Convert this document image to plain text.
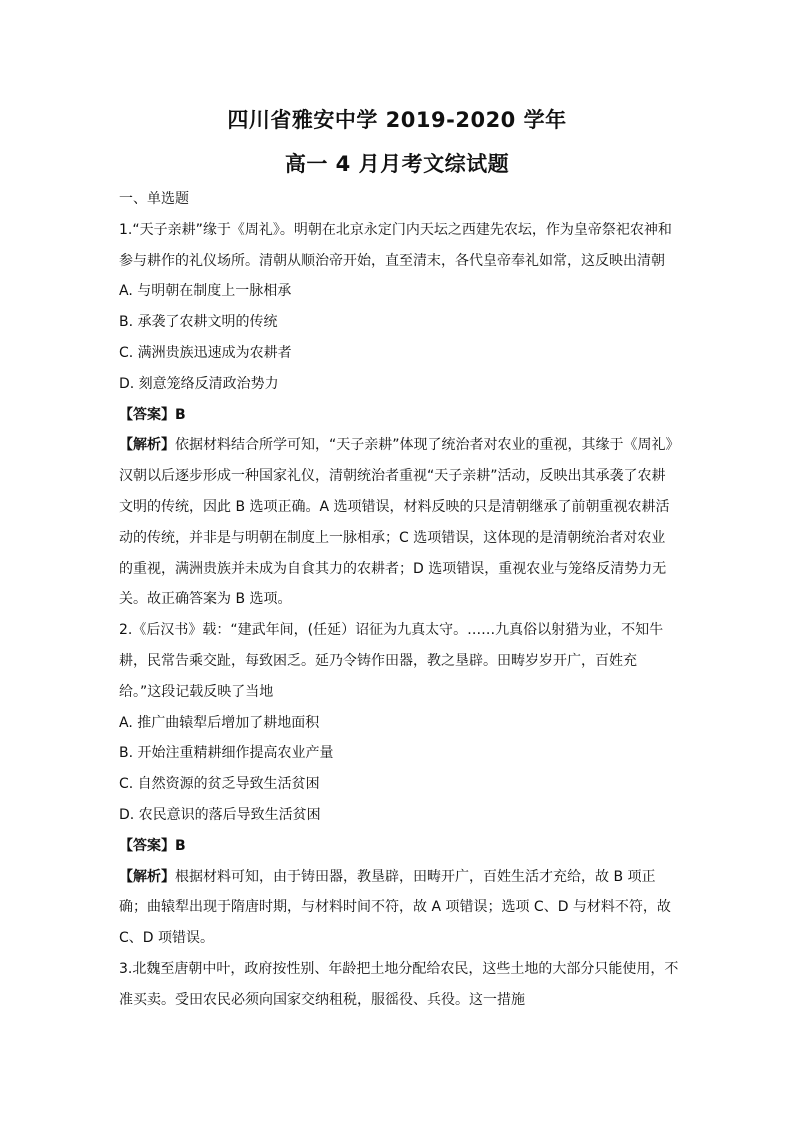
四川省雅安中学 2019-2020 学年
高一 4 月月考文综试题

一、单选题

1.“天子亲耕”缘于《周礼》。明朝在北京永定门内天坛之西建先农坛，作为皇帝祭祀农神和参与耕作的礼仪场所。清朝从顺治帝开始，直至清末，各代皇帝奉礼如常，这反映出清朝

A. 与明朝在制度上一脉相承

B. 承袭了农耕文明的传统

C. 满洲贵族迅速成为农耕者

D. 刻意笼络反清政治势力

【答案】B

【解析】依据材料结合所学可知，“天子亲耕”体现了统治者对农业的重视，其缘于《周礼》汉朝以后逐步形成一种国家礼仪，清朝统治者重视“天子亲耕”活动，反映出其承袭了农耕文明的传统，因此 B 选项正确。A 选项错误，材料反映的只是清朝继承了前朝重视农耕活动的传统，并非是与明朝在制度上一脉相承；C 选项错误，这体现的是清朝统治者对农业的重视，满洲贵族并未成为自食其力的农耕者；D 选项错误，重视农业与笼络反清势力无关。故正确答案为 B 选项。

2.《后汉书》载：“建武年间，(任延）诏征为九真太守。……九真俗以射猎为业，不知牛耕，民常告乘交趾，每致困乏。延乃令铸作田器，教之垦辟。田畴岁岁开广，百姓充给。”这段记载反映了当地

A. 推广曲辕犁后增加了耕地面积

B. 开始注重精耕细作提高农业产量

C. 自然资源的贫乏导致生活贫困

D. 农民意识的落后导致生活贫困

【答案】B

【解析】根据材料可知，由于铸田器，教垦辟，田畴开广，百姓生活才充给，故 B 项正确；曲辕犁出现于隋唐时期，与材料时间不符，故 A 项错误；选项 C、D 与材料不符，故 C、D 项错误。

3.北魏至唐朝中叶，政府按性别、年龄把土地分配给农民，这些土地的大部分只能使用，不准买卖。受田农民必须向国家交纳租税，服徭役、兵役。这一措施
